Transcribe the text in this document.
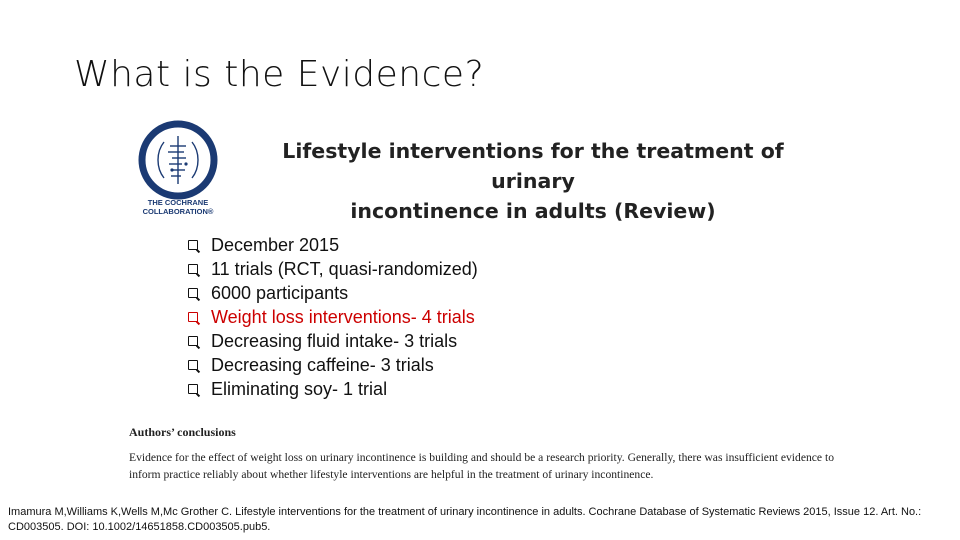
What is the Evidence?
THE COCHRANE
COLLABORATION®
Lifestyle interventions for the treatment of urinary
incontinence in adults (Review)
December 2015
11 trials (RCT, quasi-randomized)
6000 participants
Weight loss interventions- 4 trials
Decreasing fluid intake- 3 trials
Decreasing caffeine- 3 trials
Eliminating soy- 1 trial
Authors’ conclusions
Evidence for the effect of weight loss on urinary incontinence is building and should be a research priority. Generally, there was insufficient evidence to inform practice reliably about whether lifestyle interventions are helpful in the treatment of urinary incontinence.
Imamura M,Williams K,Wells M,Mc Grother C. Lifestyle interventions for the treatment of urinary incontinence in adults. Cochrane Database of Systematic Reviews 2015, Issue 12. Art. No.: CD003505. DOI: 10.1002/14651858.CD003505.pub5.
